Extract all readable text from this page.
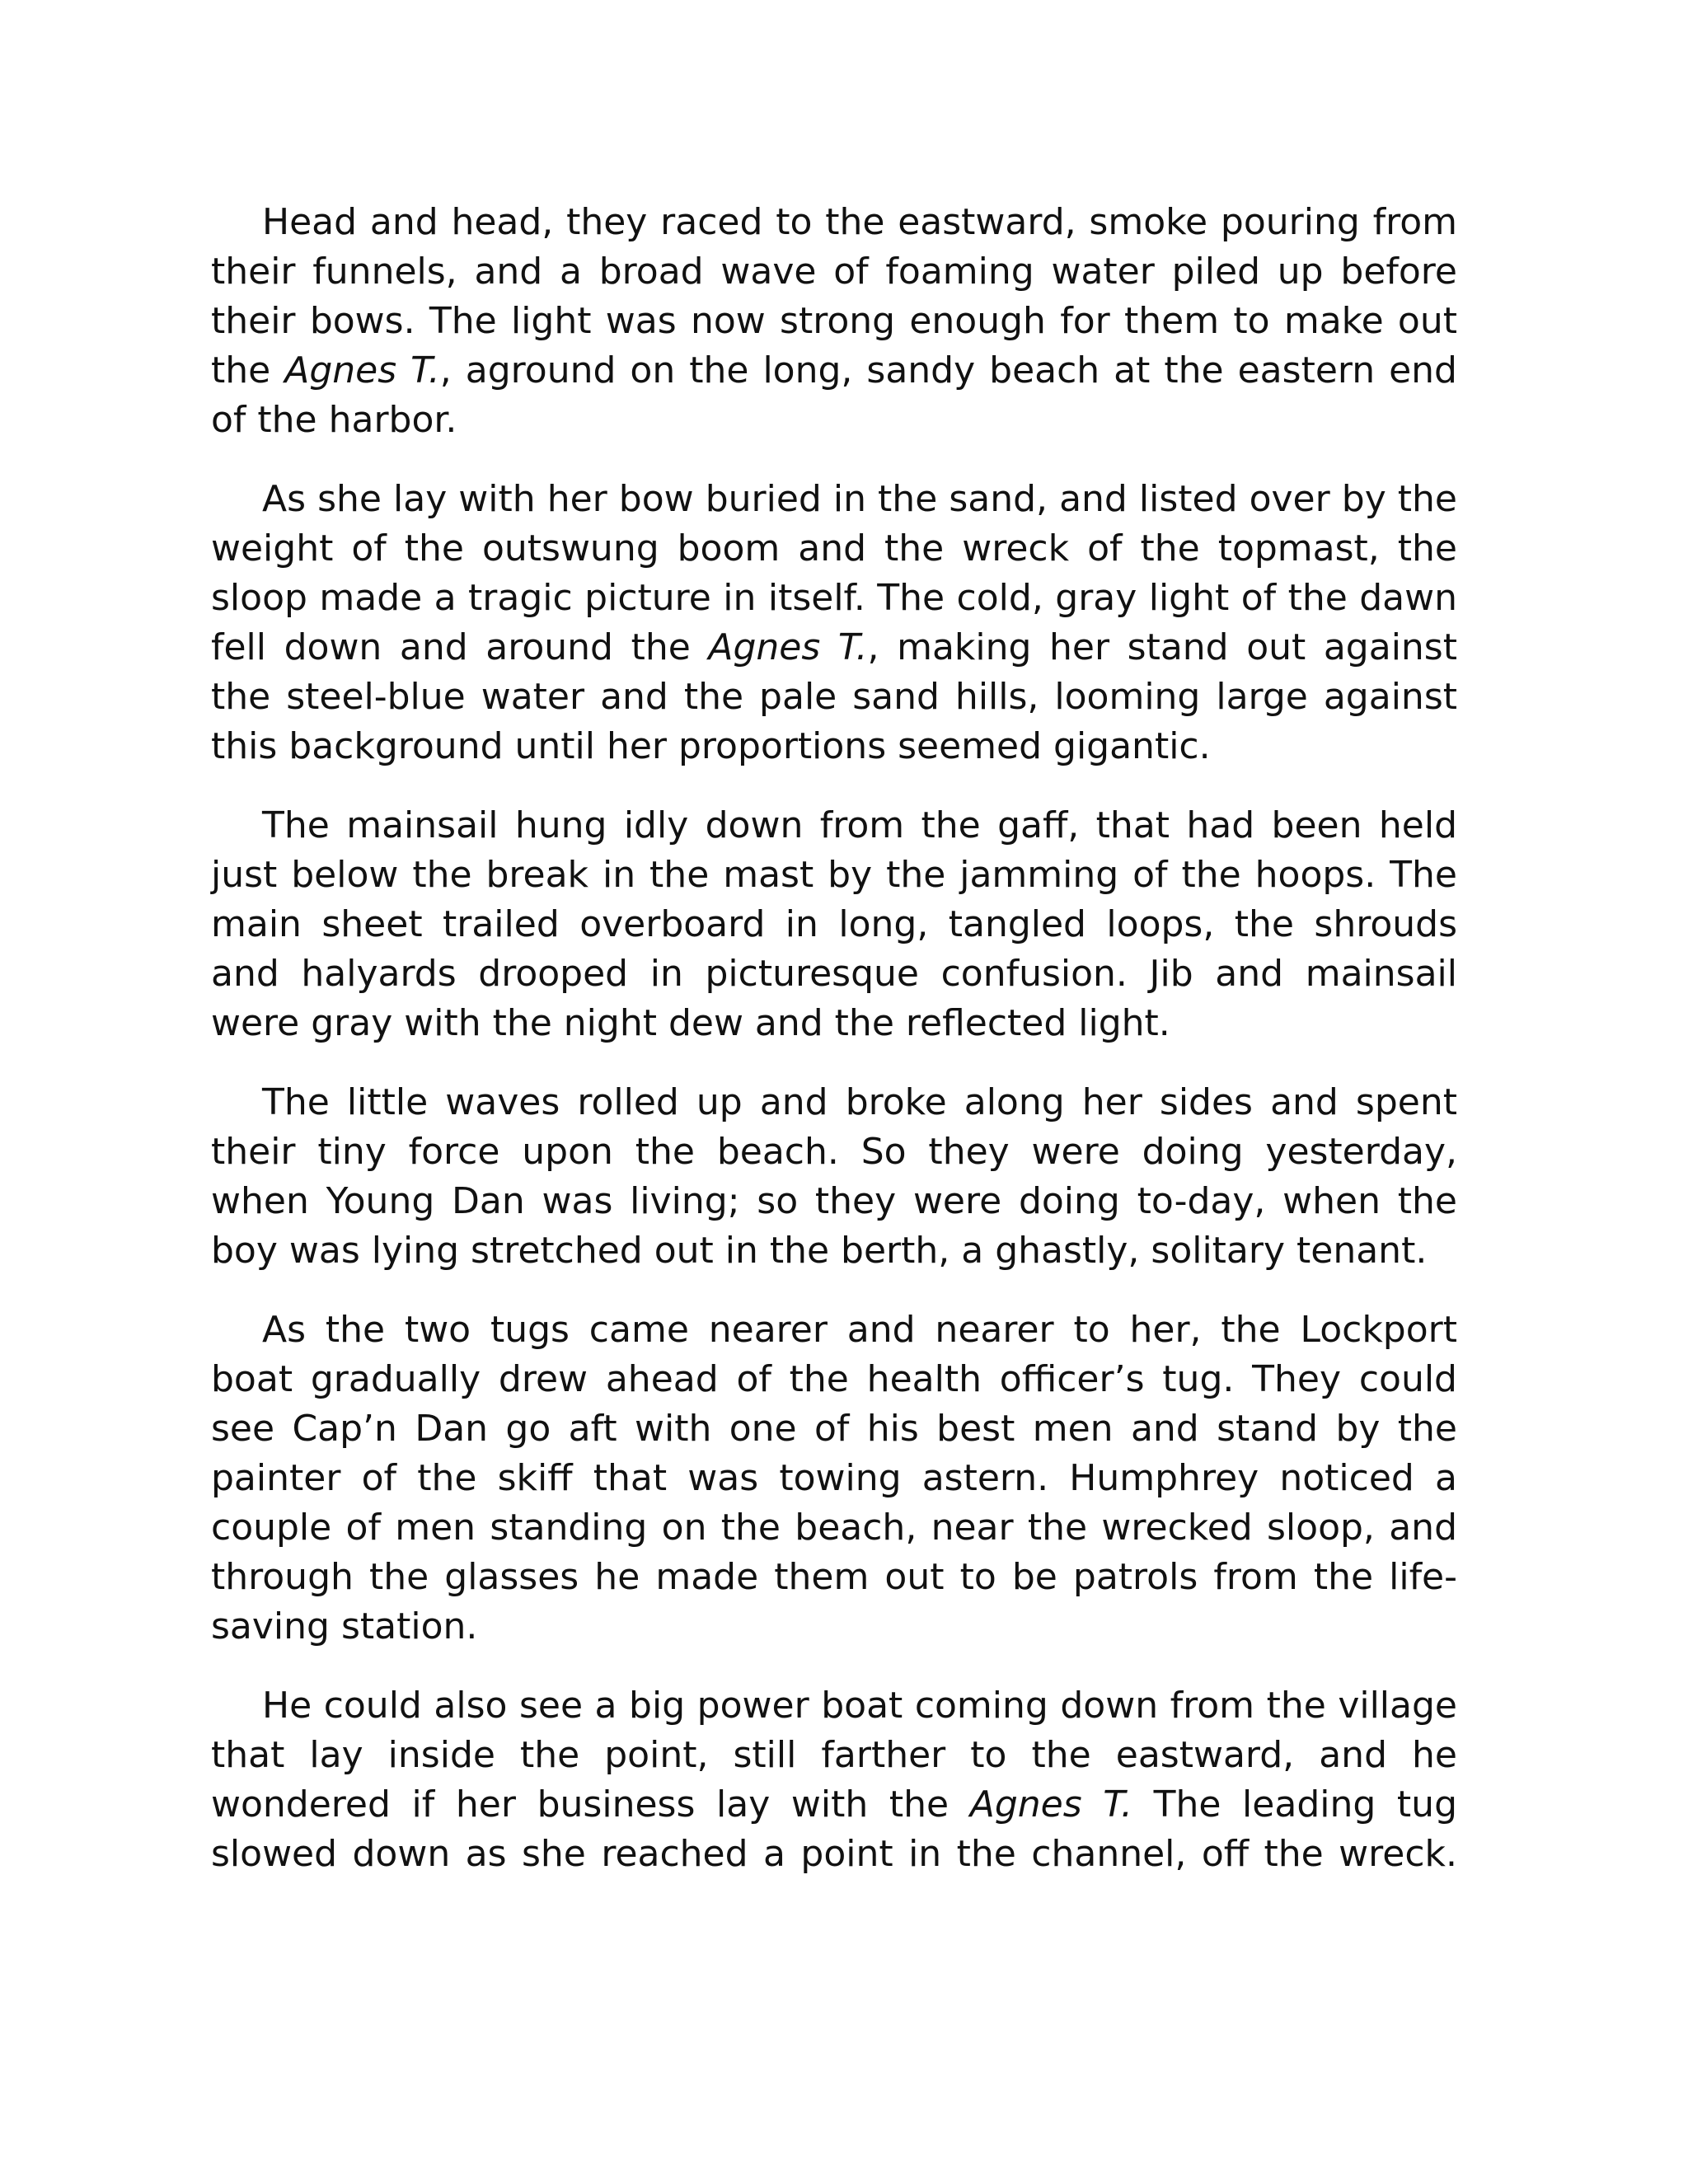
Head and head, they raced to the eastward, smoke pouring from their funnels, and a broad wave of foaming water piled up before their bows. The light was now strong enough for them to make out the Agnes T., aground on the long, sandy beach at the eastern end of the harbor.

As she lay with her bow buried in the sand, and listed over by the weight of the outswung boom and the wreck of the topmast, the sloop made a tragic picture in itself. The cold, gray light of the dawn fell down and around the Agnes T., making her stand out against the steel-blue water and the pale sand hills, looming large against this background until her proportions seemed gigantic.

The mainsail hung idly down from the gaff, that had been held just below the break in the mast by the jamming of the hoops. The main sheet trailed overboard in long, tangled loops, the shrouds and halyards drooped in picturesque confusion. Jib and mainsail were gray with the night dew and the reflected light.

The little waves rolled up and broke along her sides and spent their tiny force upon the beach. So they were doing yesterday, when Young Dan was living; so they were doing to-day, when the boy was lying stretched out in the berth, a ghastly, solitary tenant.

As the two tugs came nearer and nearer to her, the Lockport boat gradually drew ahead of the health officer’s tug. They could see Cap’n Dan go aft with one of his best men and stand by the painter of the skiff that was towing astern. Humphrey noticed a couple of men standing on the beach, near the wrecked sloop, and through the glasses he made them out to be patrols from the life-saving station.

He could also see a big power boat coming down from the village that lay inside the point, still farther to the eastward, and he wondered if her business lay with the Agnes T. The leading tug slowed down as she reached a point in the channel, off the wreck.
